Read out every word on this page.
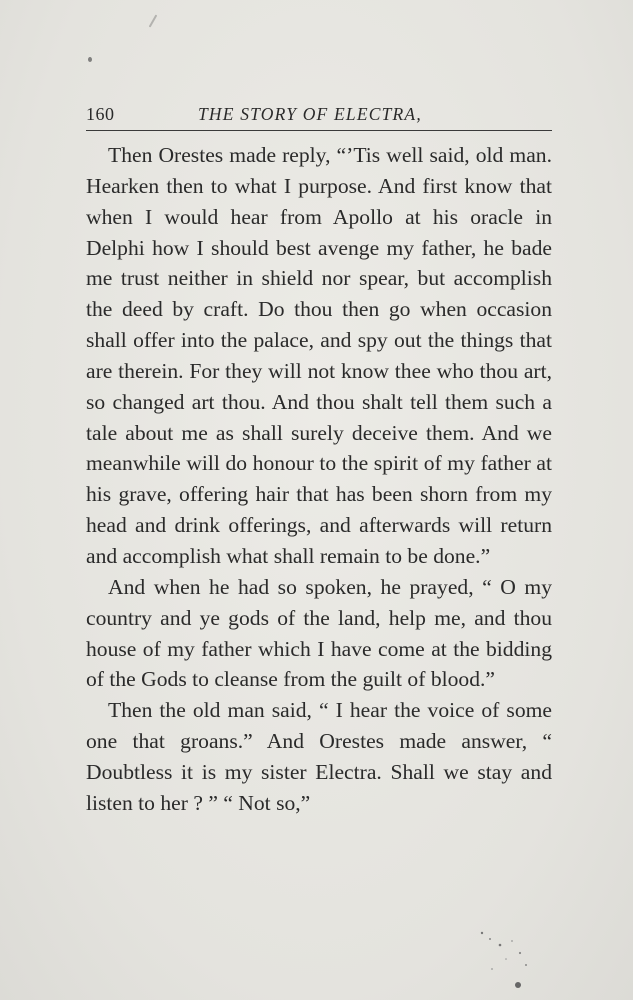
160	THE STORY OF ELECTRA,

Then Orestes made reply, “’Tis well said, old man. Hearken then to what I purpose. And first know that when I would hear from Apollo at his oracle in Delphi how I should best avenge my father, he bade me trust neither in shield nor spear, but accomplish the deed by craft. Do thou then go when occasion shall offer into the palace, and spy out the things that are therein. For they will not know thee who thou art, so changed art thou. And thou shalt tell them such a tale about me as shall surely deceive them. And we meanwhile will do honour to the spirit of my father at his grave, offering hair that has been shorn from my head and drink offerings, and afterwards will return and accomplish what shall remain to be done.”

And when he had so spoken, he prayed, “ O my country and ye gods of the land, help me, and thou house of my father which I have come at the bidding of the Gods to cleanse from the guilt of blood.”

Then the old man said, “ I hear the voice of some one that groans.” And Orestes made answer, “ Doubtless it is my sister Electra. Shall we stay and listen to her ? ” “ Not so,”
